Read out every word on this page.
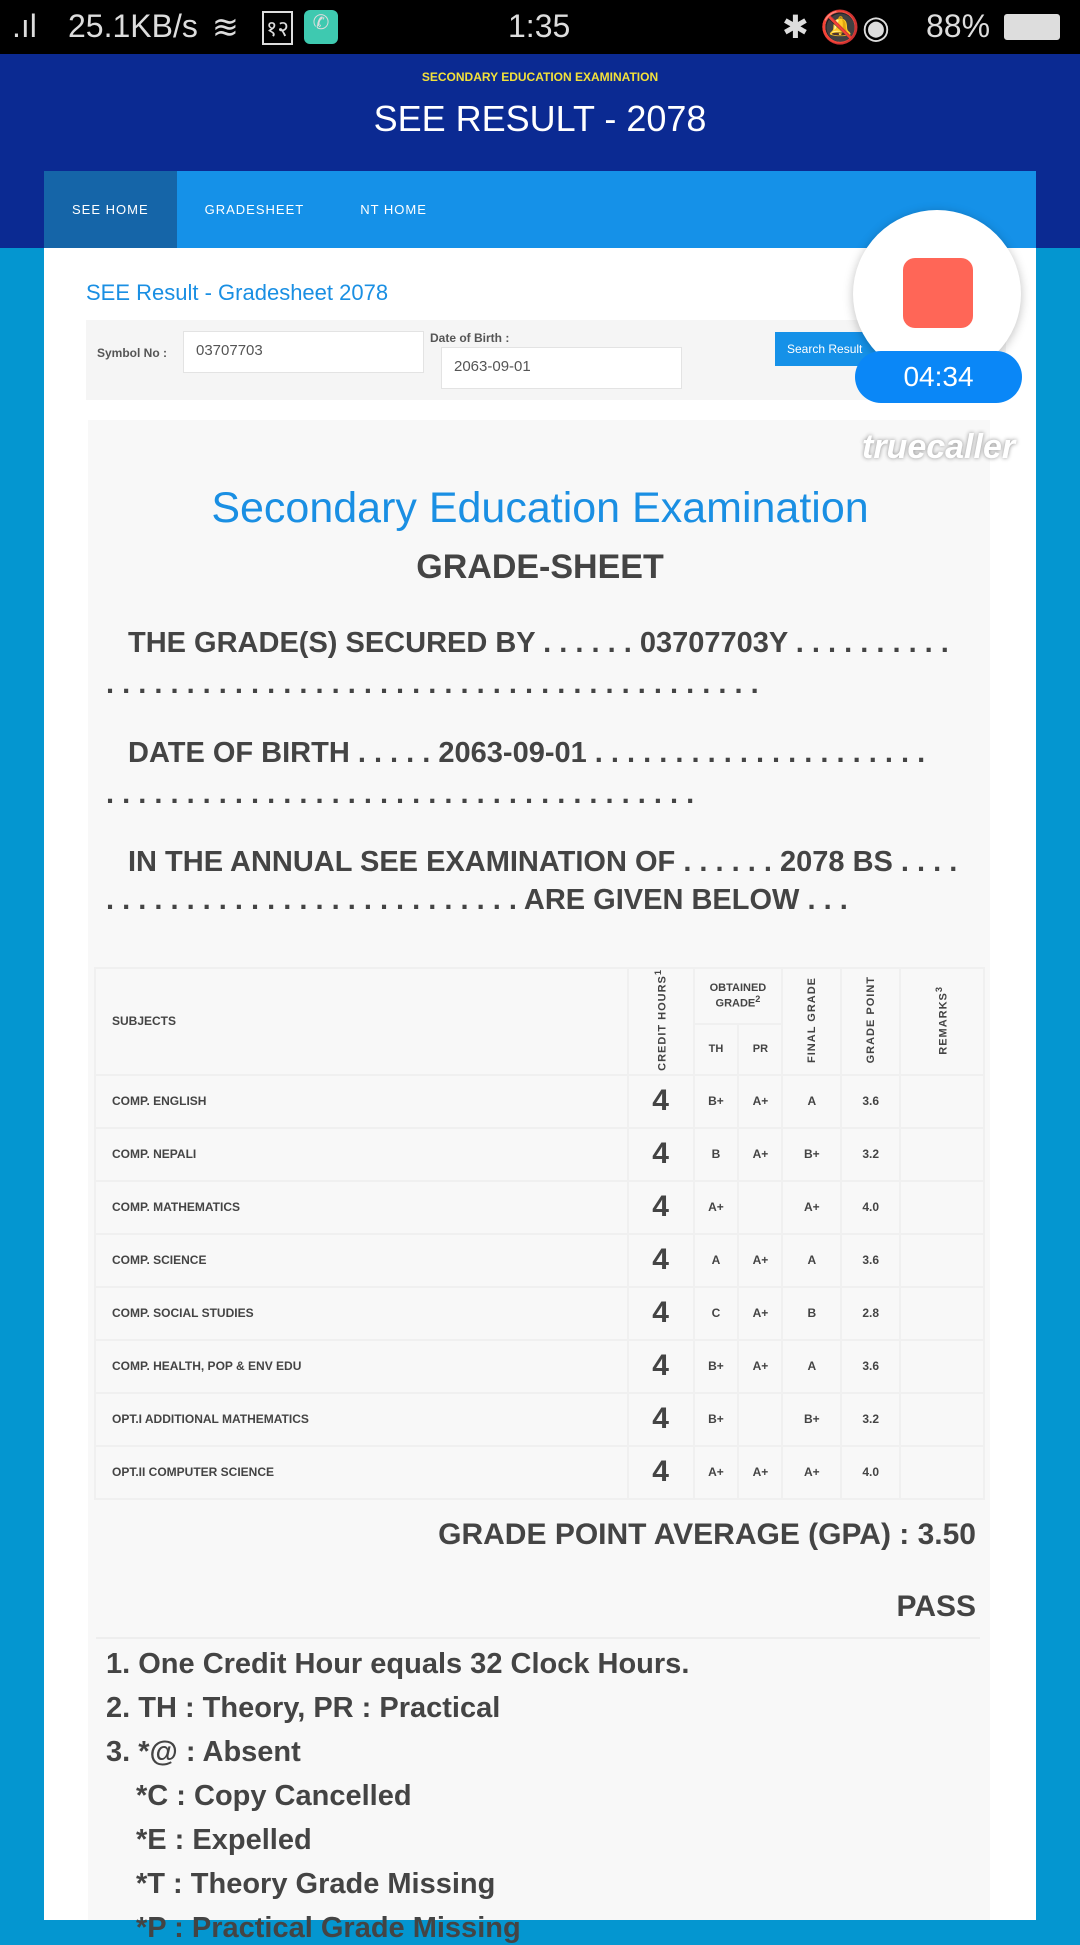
.ıl 25.1KB/s ≋ १२	✆	1:35	✱ 🔕 ◉ 88%
SECONDARY EDUCATION EXAMINATION
SEE RESULT - 2078
SEE HOME	GRADESHEET	NT HOME
SEE Result - Gradesheet 2078
Symbol No :	03707703
Date of Birth :
2063-09-01
Search Result
Secondary Education Examination
GRADE-SHEET
THE GRADE(S) SECURED BY . . . . . . 03707703Y . . . . . . . . . .
. . . . . . . . . . . . . . . . . . . . . . . . . . . . . . . . . . . . . . . . .
DATE OF BIRTH . . . . . 2063-09-01 . . . . . . . . . . . . . . . . . . . . .
. . . . . . . . . . . . . . . . . . . . . . . . . . . . . . . . . . . . .
IN THE ANNUAL SEE EXAMINATION OF . . . . . . 2078 BS . . . .
. . . . . . . . . . . . . . . . . . . . . . . . . . ARE GIVEN BELOW . . .
SUBJECTS	CREDIT HOURS$^1$	OBTAINED GRADE$^2$		FINAL GRADE	GRADE POINT	REMARKS$^3$
		TH	PR			
COMP. ENGLISH	4	B+	A+	A	3.6	
COMP. NEPALI	4	B	A+	B+	3.2	
COMP. MATHEMATICS	4	A+		A+	4.0	
COMP. SCIENCE	4	A	A+	A	3.6	
COMP. SOCIAL STUDIES	4	C	A+	B	2.8	
COMP. HEALTH, POP & ENV EDU	4	B+	A+	A	3.6	
OPT.I ADDITIONAL MATHEMATICS	4	B+		B+	3.2	
OPT.II COMPUTER SCIENCE	4	A+	A+	A+	4.0	
GRADE POINT AVERAGE (GPA) : 3.50
PASS
1. One Credit Hour equals 32 Clock Hours.
2. TH : Theory, PR : Practical
3. *@ : Absent
*C : Copy Cancelled
*E : Expelled
*T : Theory Grade Missing
*P : Practical Grade Missing
04:34
truecaller
